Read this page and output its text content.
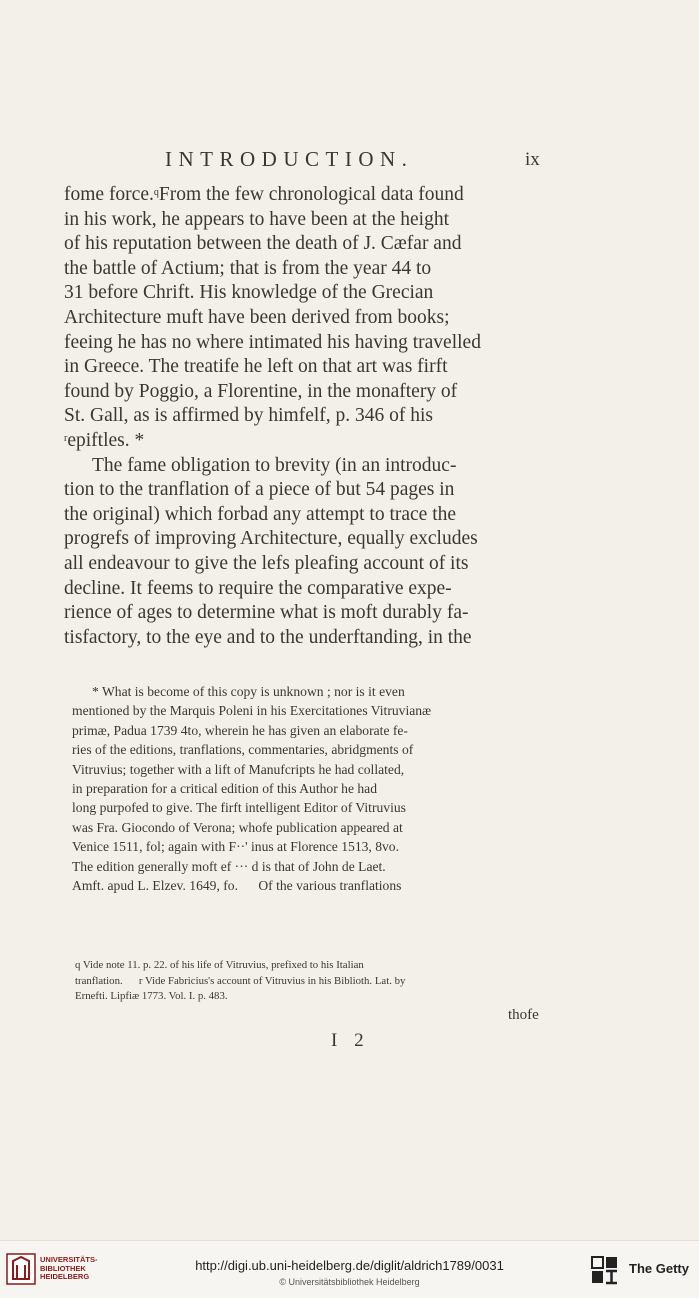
INTRODUCTION.	ix
fome force.$^q$From the few chronological data found
in his work, he appears to have been at the height
of his reputation between the death of J. Cæfar and
the battle of Actium; that is from the year 44 to
31 before Chrift. His knowledge of the Grecian
Architecture muft have been derived from books;
feeing he has no where intimated his having travelled
in Greece. The treatife he left on that art was firft
found by Poggio, a Florentine, in the monaftery of
St. Gall, as is affirmed by himfelf, p. 346 of his
$^r$epiftles. *
The fame obligation to brevity (in an introduc-
tion to the tranflation of a piece of but 54 pages in
the original) which forbad any attempt to trace the
progrefs of improving Architecture, equally excludes
all endeavour to give the lefs pleafing account of its
decline. It feems to require the comparative expe-
rience of ages to determine what is moft durably fa-
tisfactory, to the eye and to the underftanding, in the
* What is become of this copy is unknown ; nor is it even
mentioned by the Marquis Poleni in his Exercitationes Vitruvianæ
primæ, Padua 1739 4to, wherein he has given an elaborate fe-
ries of the editions, tranflations, commentaries, abridgments of
Vitruvius; together with a lift of Manufcripts he had collated,
in preparation for a critical edition of this Author he had
long purpofed to give. The firft intelligent Editor of Vitruvius
was Fra. Giocondo of Verona; whofe publication appeared at
Venice 1511, fol; again with F··' inus at Florence 1513, 8vo.
The edition generally moft ef ··· d is that of John de Laet.
Amft. apud L. Elzev. 1649, fo.      Of the various tranflations
q Vide note 11. p. 22. of his life of Vitruvius, prefixed to his Italian
tranflation.      r Vide Fabricius's account of Vitruvius in his Biblioth. Lat. by
Ernefti. Lipfiæ 1773. Vol. I. p. 483.
thofe
I 2
UNIVERSITÄTS-
BIBLIOTHEK
HEIDELBERG
http://digi.ub.uni-heidelberg.de/diglit/aldrich1789/0031
© Universitätsbibliothek Heidelberg
The Getty
